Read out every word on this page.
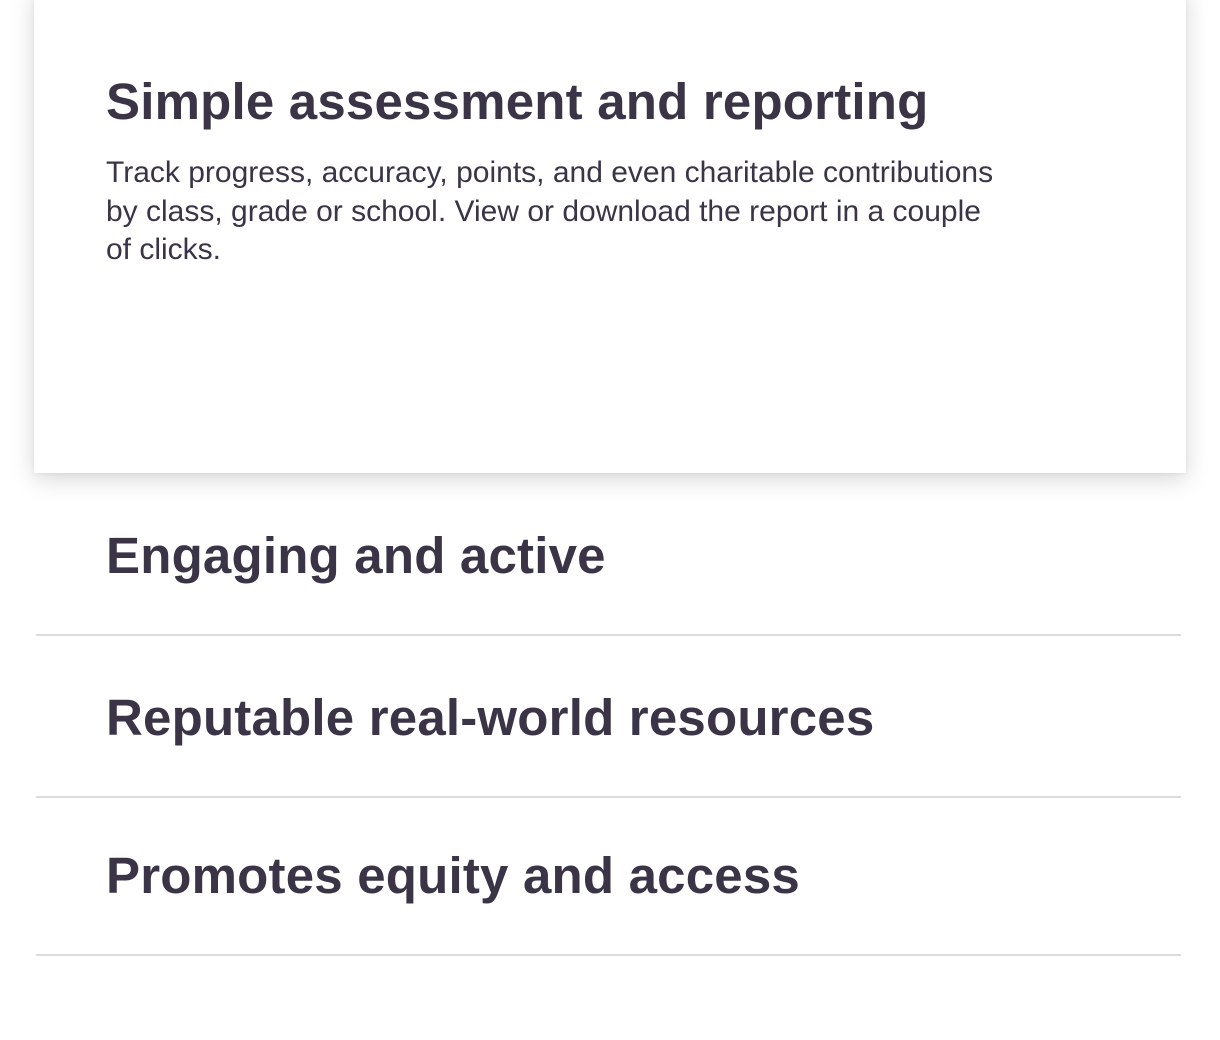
Simple assessment and reporting

Track progress, accuracy, points, and even charitable contributions by class, grade or school. View or download the report in a couple of clicks.

Engaging and active
Reputable real-world resources
Promotes equity and access
